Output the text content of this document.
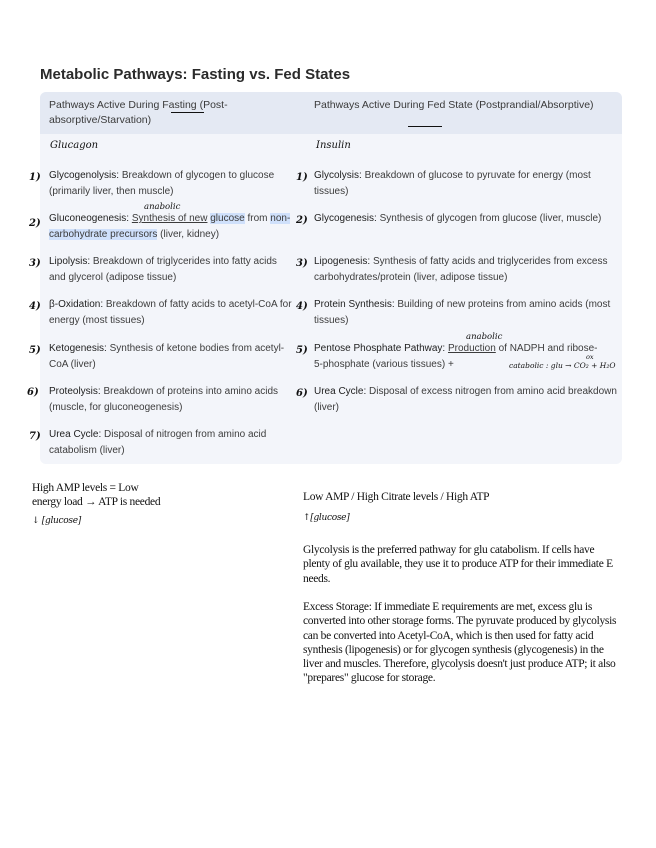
Metabolic Pathways: Fasting vs. Fed States
Pathways Active During Fasting (Post-absorptive/Starvation)
Pathways Active During Fed State (Postprandial/Absorptive)
Glucagon	Insulin
1) Glycogenolysis: Breakdown of glycogen to glucose (primarily liver, then muscle)
anabolic
2) Gluconeogenesis: Synthesis of new glucose from non-carbohydrate precursors (liver, kidney)
3) Lipolysis: Breakdown of triglycerides into fatty acids and glycerol (adipose tissue)
4) β-Oxidation: Breakdown of fatty acids to acetyl-CoA for energy (most tissues)
5) Ketogenesis: Synthesis of ketone bodies from acetyl-CoA (liver)
6) Proteolysis: Breakdown of proteins into amino acids (muscle, for gluconeogenesis)
7) Urea Cycle: Disposal of nitrogen from amino acid catabolism (liver)
1) Glycolysis: Breakdown of glucose to pyruvate for energy (most tissues)
2) Glycogenesis: Synthesis of glycogen from glucose (liver, muscle)
3) Lipogenesis: Synthesis of fatty acids and triglycerides from excess carbohydrates/protein (liver, adipose tissue)
4) Protein Synthesis: Building of new proteins from amino acids (most tissues)
anabolic
5) Pentose Phosphate Pathway: Production of NADPH and ribose-5-phosphate (various tissues) +	catabolic : glu → CO₂ + H₂O
ox
6) Urea Cycle: Disposal of excess nitrogen from amino acid breakdown (liver)
High AMP levels = Low
energy load → ATP is needed
↓ [glucose]
Low AMP / High Citrate levels / High ATP
↑[glucose]
Glycolysis is the preferred pathway for glu catabolism. If cells have plenty of glu available, they use it to produce ATP for their immediate E needs.
Excess Storage: If immediate E requirements are met, excess glu is converted into other storage forms. The pyruvate produced by glycolysis can be converted into Acetyl-CoA, which is then used for fatty acid synthesis (lipogenesis) or for glycogen synthesis (glycogenesis) in the liver and muscles. Therefore, glycolysis doesn't just produce ATP; it also "prepares" glucose for storage.
